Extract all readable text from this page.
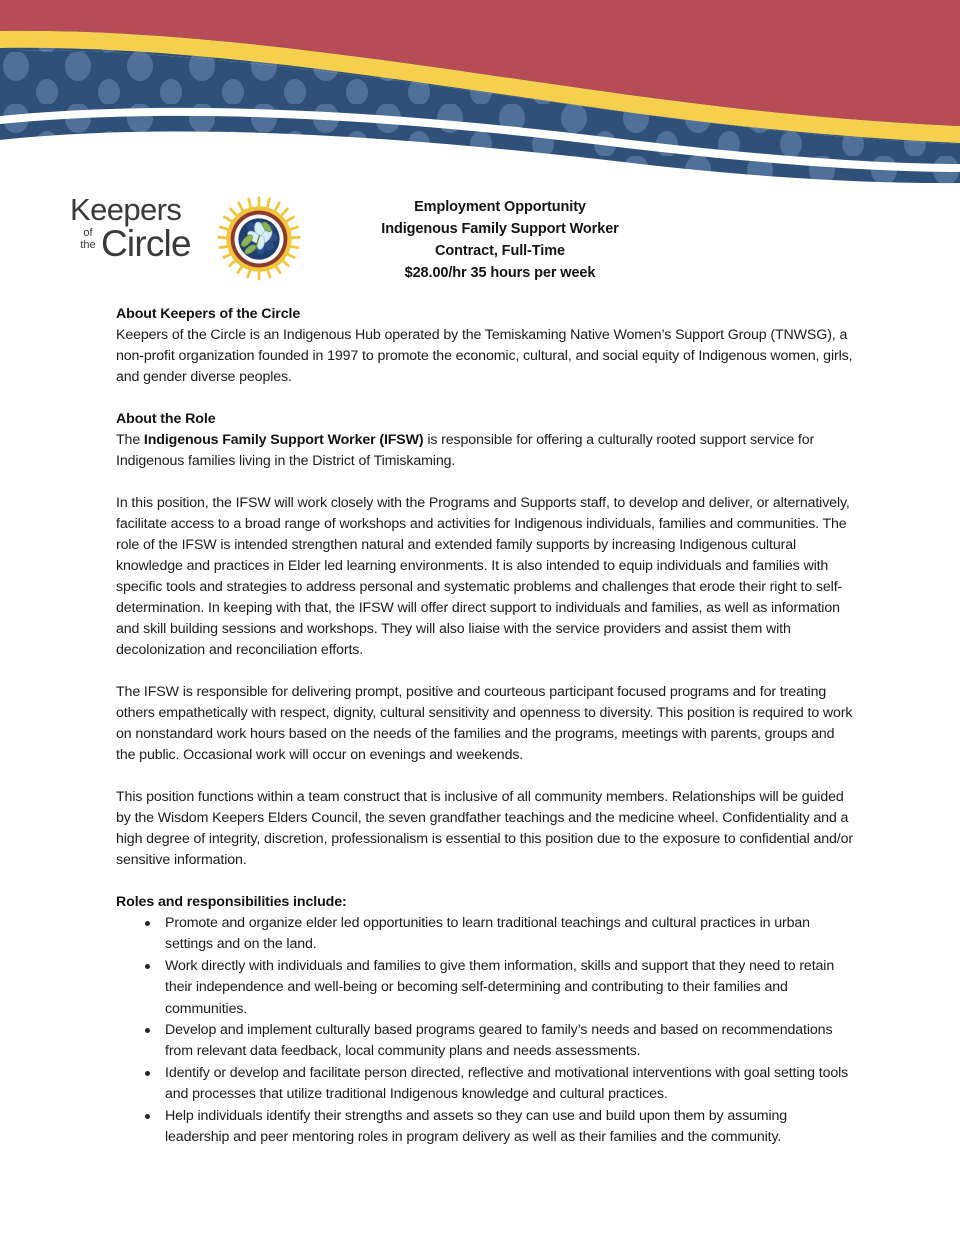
Keepers
of
the Circle
Employment Opportunity
Indigenous Family Support Worker
Contract, Full-Time
$28.00/hr 35 hours per week
About Keepers of the Circle

Keepers of the Circle is an Indigenous Hub operated by the Temiskaming Native Women’s Support Group (TNWSG), a non-profit organization founded in 1997 to promote the economic, cultural, and social equity of Indigenous women, girls, and gender diverse peoples.

About the Role

The Indigenous Family Support Worker (IFSW) is responsible for offering a culturally rooted support service for Indigenous families living in the District of Timiskaming.

In this position, the IFSW will work closely with the Programs and Supports staff, to develop and deliver, or alternatively, facilitate access to a broad range of workshops and activities for Indigenous individuals, families and communities. The role of the IFSW is intended strengthen natural and extended family supports by increasing Indigenous cultural knowledge and practices in Elder led learning environments. It is also intended to equip individuals and families with specific tools and strategies to address personal and systematic problems and challenges that erode their right to self-determination. In keeping with that, the IFSW will offer direct support to individuals and families, as well as information and skill building sessions and workshops. They will also liaise with the service providers and assist them with decolonization and reconciliation efforts.

The IFSW is responsible for delivering prompt, positive and courteous participant focused programs and for treating others empathetically with respect, dignity, cultural sensitivity and openness to diversity. This position is required to work on nonstandard work hours based on the needs of the families and the programs, meetings with parents, groups and the public. Occasional work will occur on evenings and weekends.

This position functions within a team construct that is inclusive of all community members. Relationships will be guided by the Wisdom Keepers Elders Council, the seven grandfather teachings and the medicine wheel. Confidentiality and a high degree of integrity, discretion, professionalism is essential to this position due to the exposure to confidential and/or sensitive information.

Roles and responsibilities include:
Promote and organize elder led opportunities to learn traditional teachings and cultural practices in urban settings and on the land.
Work directly with individuals and families to give them information, skills and support that they need to retain their independence and well-being or becoming self-determining and contributing to their families and communities.
Develop and implement culturally based programs geared to family’s needs and based on recommendations from relevant data feedback, local community plans and needs assessments.
Identify or develop and facilitate person directed, reflective and motivational interventions with goal setting tools and processes that utilize traditional Indigenous knowledge and cultural practices.
Help individuals identify their strengths and assets so they can use and build upon them by assuming leadership and peer mentoring roles in program delivery as well as their families and the community.
